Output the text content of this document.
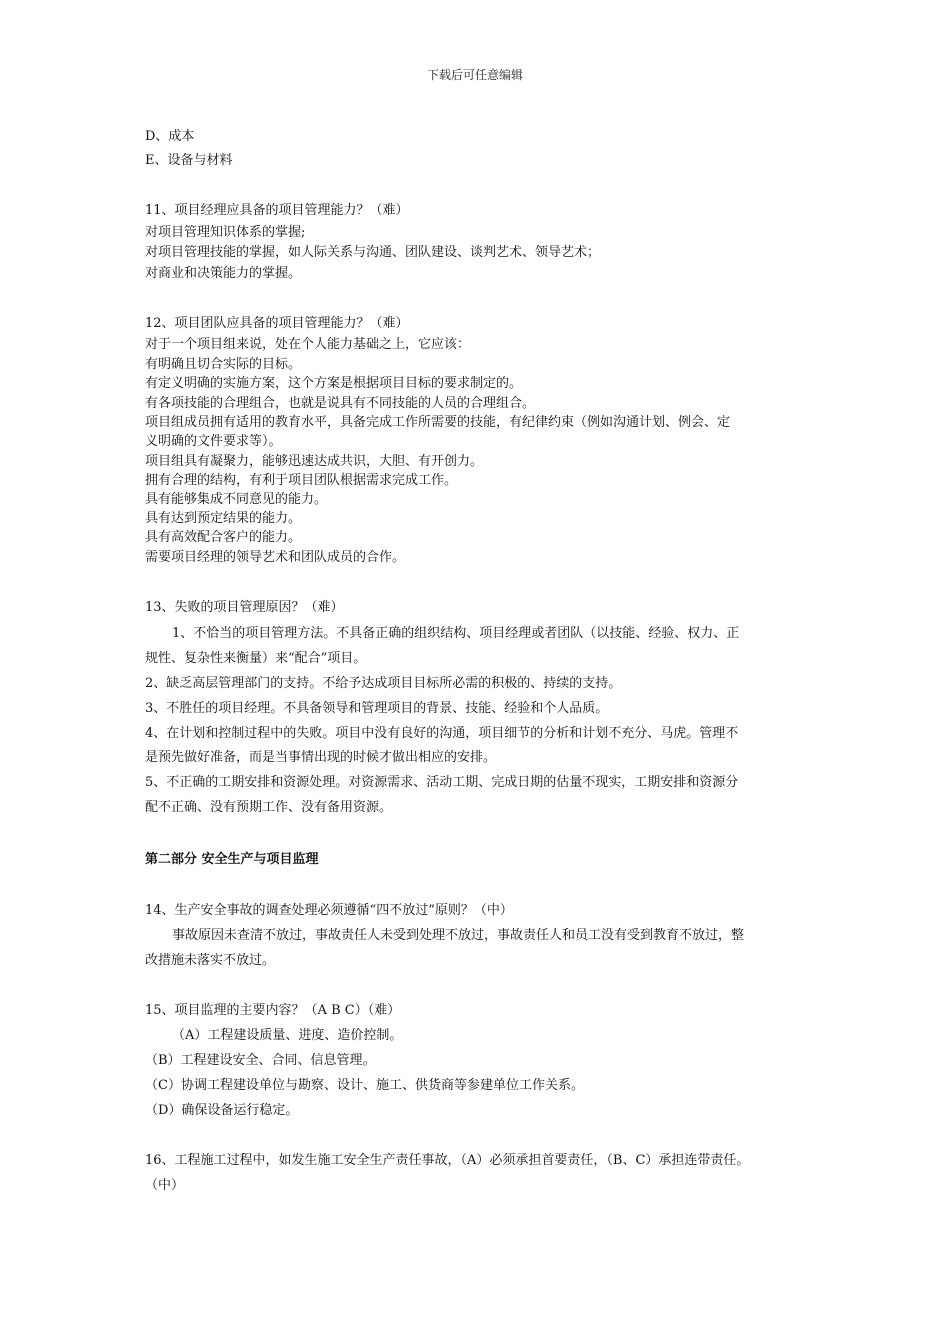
下载后可任意编辑
D、成本
E、设备与材料
11、项目经理应具备的项目管理能力？（难）
对项目管理知识体系的掌握;
对项目管理技能的掌握，如人际关系与沟通、团队建设、谈判艺术、领导艺术；
对商业和决策能力的掌握。
12、项目团队应具备的项目管理能力？（难）
对于一个项目组来说，处在个人能力基础之上，它应该：
有明确且切合实际的目标。
有定义明确的实施方案，这个方案是根据项目目标的要求制定的。
有各项技能的合理组合，也就是说具有不同技能的人员的合理组合。
项目组成员拥有适用的教育水平，具备完成工作所需要的技能，有纪律约束（例如沟通计划、例会、定
义明确的文件要求等）。
项目组具有凝聚力，能够迅速达成共识，大胆、有开创力。
拥有合理的结构，有利于项目团队根据需求完成工作。
具有能够集成不同意见的能力。
具有达到预定结果的能力。
具有高效配合客户的能力。
需要项目经理的领导艺术和团队成员的合作。
13、失败的项目管理原因？（难）
1、不恰当的项目管理方法。不具备正确的组织结构、项目经理或者团队（以技能、经验、权力、正
规性、复杂性来衡量）来“配合”项目。
2、缺乏高层管理部门的支持。不给予达成项目目标所必需的积极的、持续的支持。
3、不胜任的项目经理。不具备领导和管理项目的背景、技能、经验和个人品质。
4、在计划和控制过程中的失败。项目中没有良好的沟通，项目细节的分析和计划不充分、马虎。管理不
是预先做好准备，而是当事情出现的时候才做出相应的安排。
5、不正确的工期安排和资源处理。对资源需求、活动工期、完成日期的估量不现实，工期安排和资源分
配不正确、没有预期工作、没有备用资源。
第二部分 安全生产与项目监理
14、生产安全事故的调查处理必须遵循“四不放过”原则？（中）
事故原因未查清不放过，事故责任人未受到处理不放过，事故责任人和员工没有受到教育不放过，整
改措施未落实不放过。
15、项目监理的主要内容？（A B C）（难）
（A）工程建设质量、进度、造价控制。
（B）工程建设安全、合同、信息管理。
（C）协调工程建设单位与勘察、设计、施工、供货商等参建单位工作关系。
（D）确保设备运行稳定。
16、工程施工过程中，如发生施工安全生产责任事故，（A）必须承担首要责任，（B、C）承担连带责任。
（中）
